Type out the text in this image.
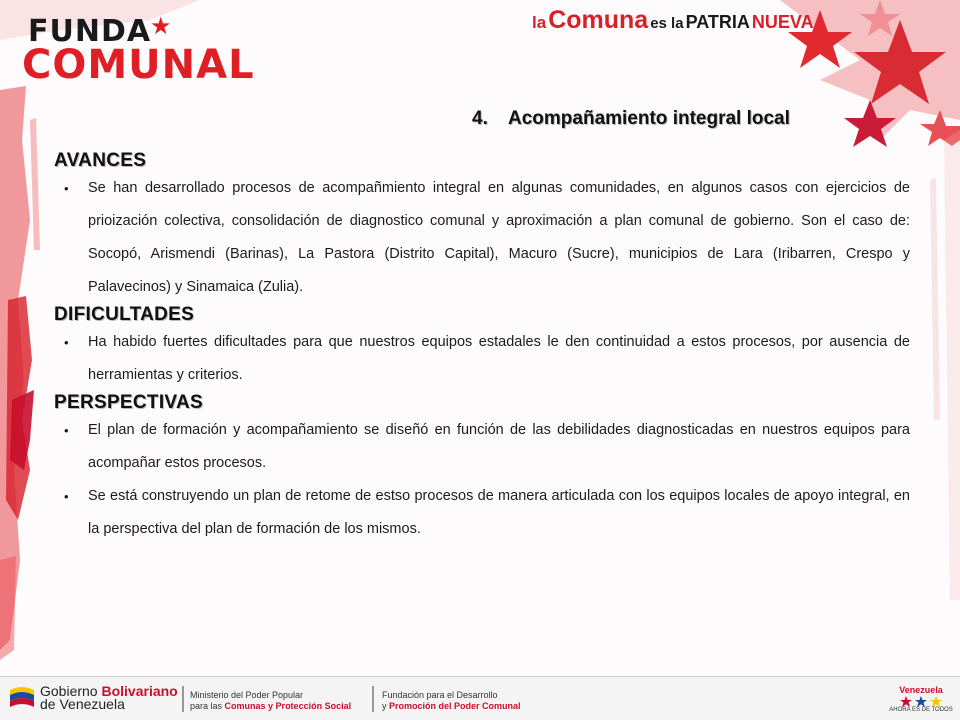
FUNDA
★
COMUNAL
la Comuna es la PATRIA NUEVA
4. Acompañamiento integral local
AVANCES
• Se han desarrollado procesos de acompañmiento integral en algunas comunidades, en algunos casos con ejercicios de prioización colectiva, consolidación de diagnostico comunal y aproximación a plan comunal de gobierno. Son el caso de: Socopó, Arismendi (Barinas), La Pastora (Distrito Capital), Macuro (Sucre), municipios de Lara (Iribarren, Crespo y Palavecinos) y Sinamaica (Zulia).
DIFICULTADES
• Ha habido fuertes dificultades para que nuestros equipos estadales le den continuidad a estos procesos, por ausencia de herramientas y criterios.
PERSPECTIVAS
• El plan de formación y acompañamiento se diseñó en función de las debilidades diagnosticadas en nuestros equipos para acompañar estos procesos.
• Se está construyendo un plan de retome de estso procesos de manera articulada con los equipos locales de apoyo integral, en la perspectiva del plan de formación de los mismos.
Gobierno Bolivariano
de Venezuela
Ministerio del Poder Popular
para las Comunas y Protección Social
Fundación para el Desarrollo
y Promoción del Poder Comunal
Venezuela
AHORA ES DE TODOS
